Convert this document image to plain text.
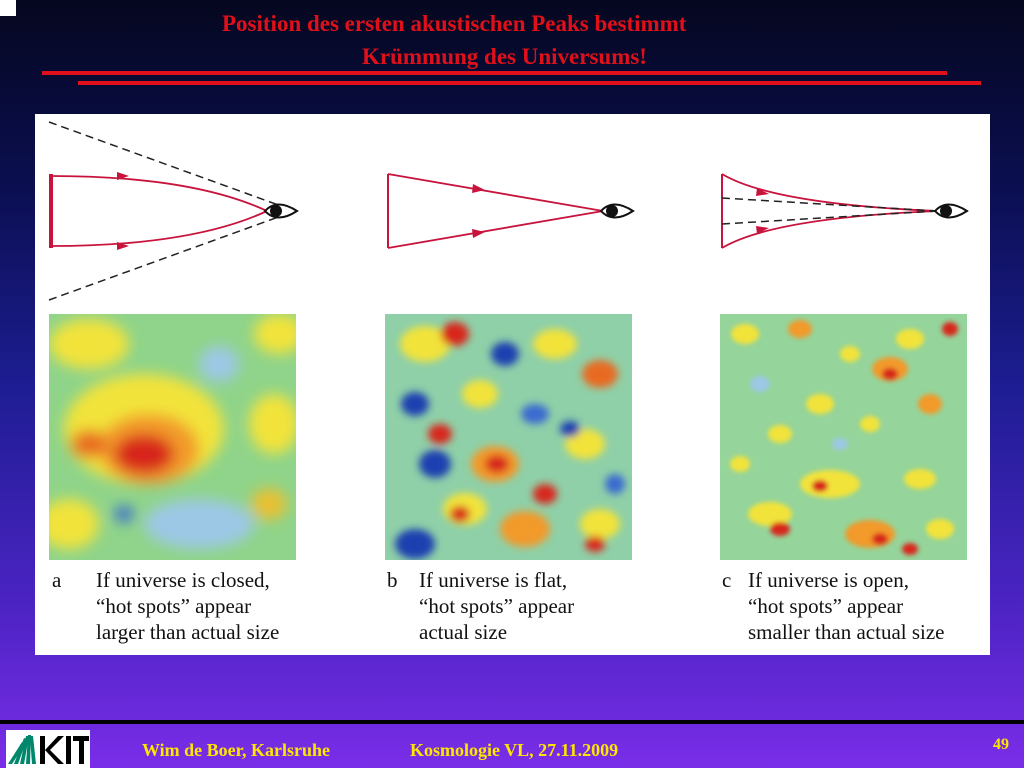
Position des ersten akustischen Peaks bestimmt
Krümmung des Universums!
a If universe is closed,
“hot spots” appear
larger than actual size
b If universe is flat,
“hot spots” appear
actual size
c If universe is open,
“hot spots” appear
smaller than actual size
Wim de Boer, Karlsruhe	Kosmologie VL, 27.11.2009	49
